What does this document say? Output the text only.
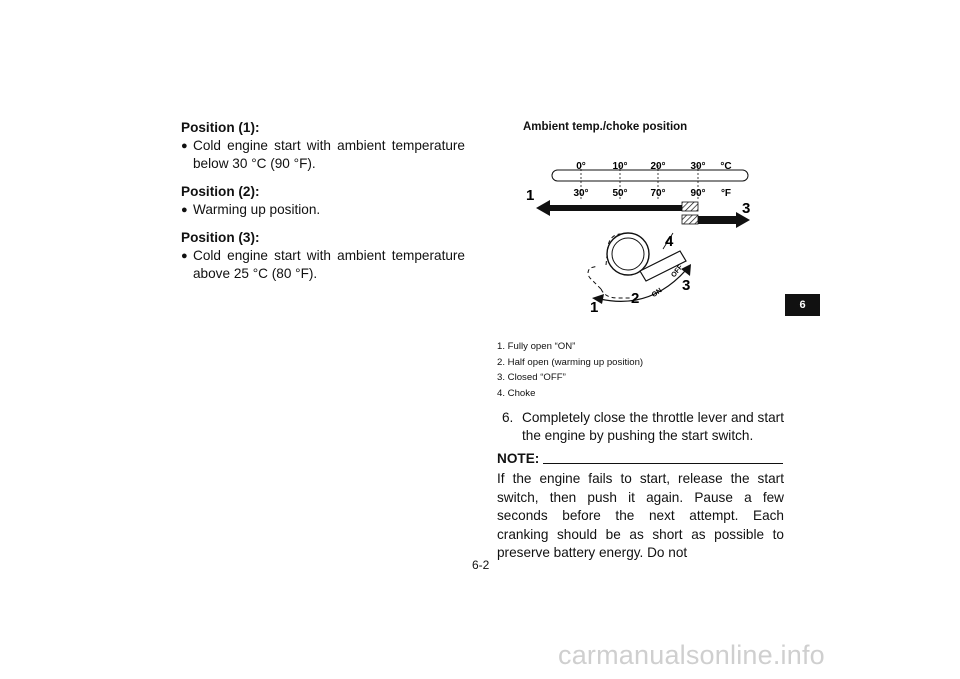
Position (1):

● Cold engine start with ambient temperature below 30 °C (90 °F).

Position (2):

● Warming up position.

Position (3):

● Cold engine start with ambient temperature above 25 °C (80 °F).
Ambient temp./choke position
0°	10° 20° 30° °C
30° 50° 70° 90° °F
1
3
4
ON
OFF
1
2
3
1. Fully open “ON”
2. Half open (warming up position)
3. Closed “OFF”
4. Choke
6. Completely close the throttle lever and start the engine by pushing the start switch.
NOTE:
If the engine fails to start, release the start switch, then push it again. Pause a few seconds before the next attempt. Each cranking should be as short as possible to preserve battery energy. Do not
6-2
6
carmanualsonline.info
